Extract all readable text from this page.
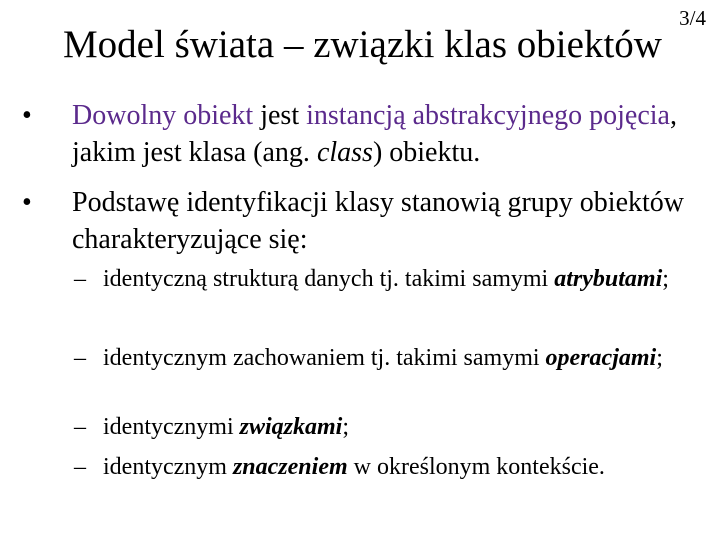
3/4
Model świata – związki klas obiektów
•	Dowolny obiekt jest instancją abstrakcyjnego pojęcia, jakim jest klasa (ang. class) obiektu.
•	Podstawę identyfikacji klasy stanowią grupy obiektów charakteryzujące się:
– identyczną strukturą danych tj. takimi samymi atrybutami;
– identycznym zachowaniem tj. takimi samymi operacjami;
– identycznymi związkami;
– identycznym znaczeniem w określonym kontekście.
